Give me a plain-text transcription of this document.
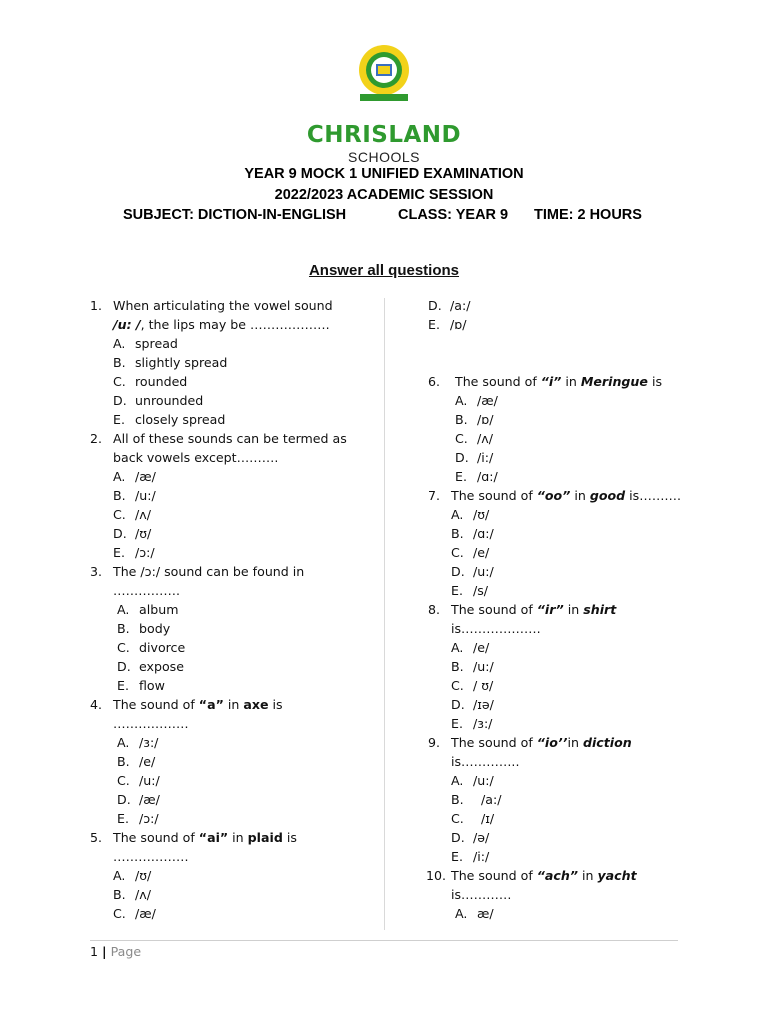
CHRISLAND
SCHOOLS
YEAR 9 MOCK 1 UNIFIED EXAMINATION
2022/2023 ACADEMIC SESSION
SUBJECT: DICTION-IN-ENGLISH	CLASS: YEAR 9 TIME: 2 HOURS
Answer all questions
1. When articulating the vowel sound
/u: /, the lips may be ……………….
A. spread
B. slightly spread
C. rounded
D. unrounded
E. closely spread
2. All of these sounds can be termed as
back vowels except……….
A. /æ/
B. /u:/
C. /ʌ/
D. /ʊ/
E. /ɔ:/
3. The /ɔ:/ sound can be found in
…………….
A. album
B. body
C. divorce
D. expose
E. flow
4. The sound of “a” in axe is
………………
A. /ɜ:/
B. /e/
C. /u:/
D. /æ/
E. /ɔ:/
5. The sound of “ai” in plaid is
………………
A. /ʊ/
B. /ʌ/
C. /æ/
D. /a:/
E. /ɒ/
6. The sound of “i” in Meringue is
A. /æ/
B. /ɒ/
C. /ʌ/
D. /i:/
E. /ɑ:/
7. The sound of “oo” in good is……….
A. /ʊ/
B. /ɑ:/
C. /e/
D. /u:/
E. /s/
8. The sound of “ir” in shirt
is……………….
A. /e/
B. /u:/
C. / ʊ/
D. /ɪə/
E. /ɜ:/
9. The sound of “io’’in diction
is…………..
A. /u:/
B. /a:/
C. /ɪ/
D. /ə/
E. /i:/
10. The sound of “ach” in yacht
is…………
A. æ/
1 | Page
